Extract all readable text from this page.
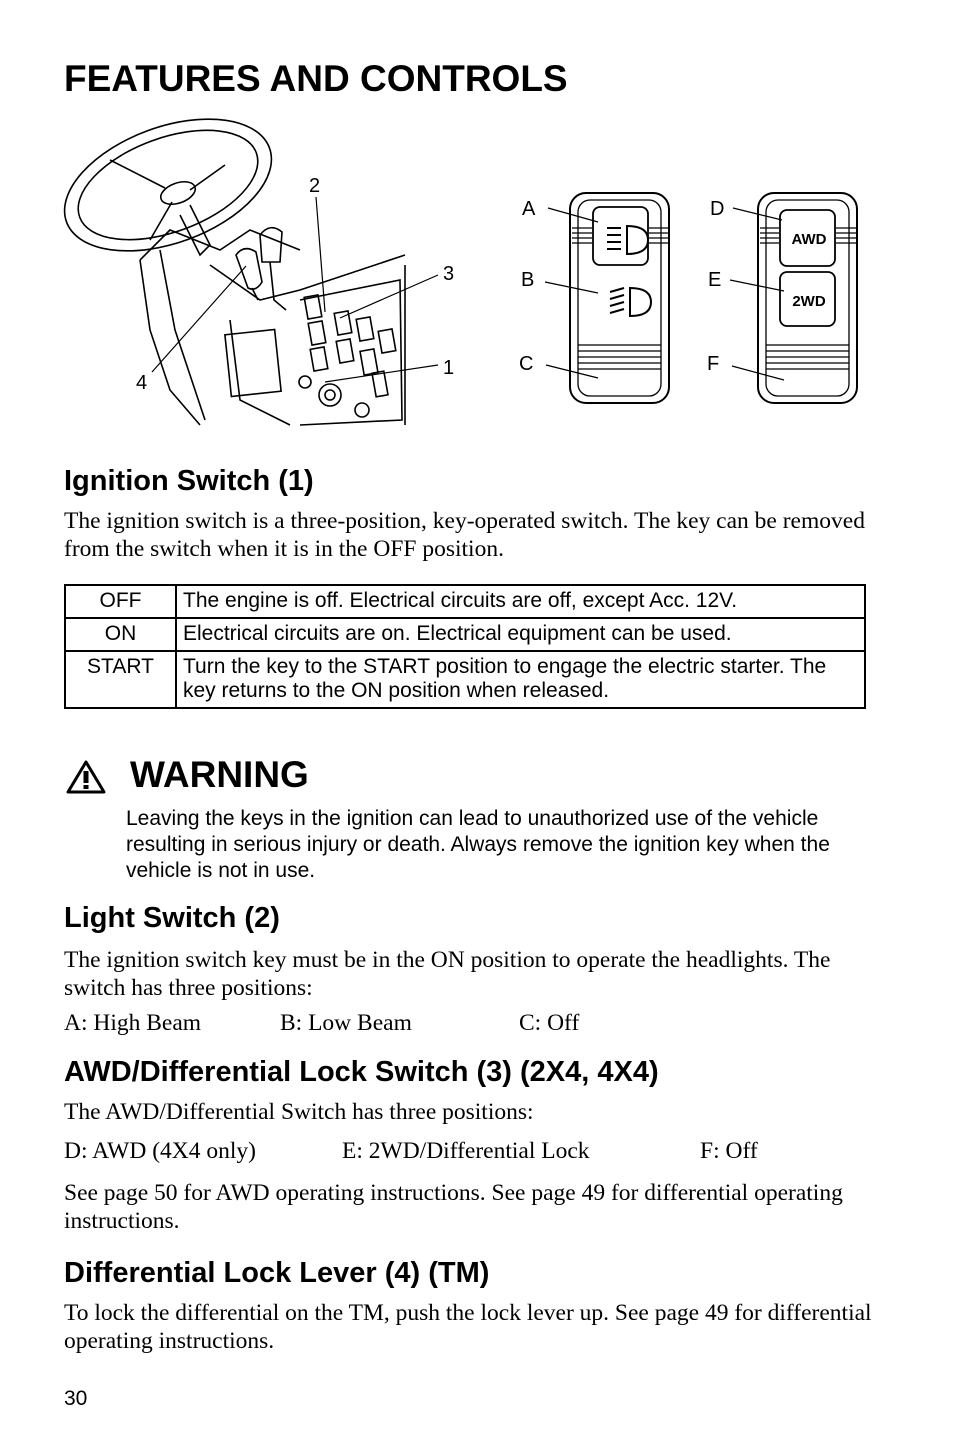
FEATURES AND CONTROLS
2
3
1
4
A
B
C
D
E
F
AWD
2WD
Ignition Switch (1)

The ignition switch is a three-position, key-operated switch. The key can be removed from the switch when it is in the OFF position.

OFF	The engine is off. Electrical circuits are off, except Acc. 12V.
ON	Electrical circuits are on. Electrical equipment can be used.
START	Turn the key to the START position to engage the electric starter. The key returns to the ON position when released.
WARNING

Leaving the keys in the ignition can lead to unauthorized use of the vehicle resulting in serious injury or death. Always remove the ignition key when the vehicle is not in use.

Light Switch (2)

The ignition switch key must be in the ON position to operate the headlights. The switch has three positions:

A: High Beam	B: Low Beam	C: Off
AWD/Differential Lock Switch (3) (2X4, 4X4)

The AWD/Differential Switch has three positions:

D: AWD (4X4 only)	E: 2WD/Differential Lock	F: Off

See page 50 for AWD operating instructions. See page 49 for differential operating instructions.

Differential Lock Lever (4) (TM)

To lock the differential on the TM, push the lock lever up. See page 49 for differential operating instructions.

30
